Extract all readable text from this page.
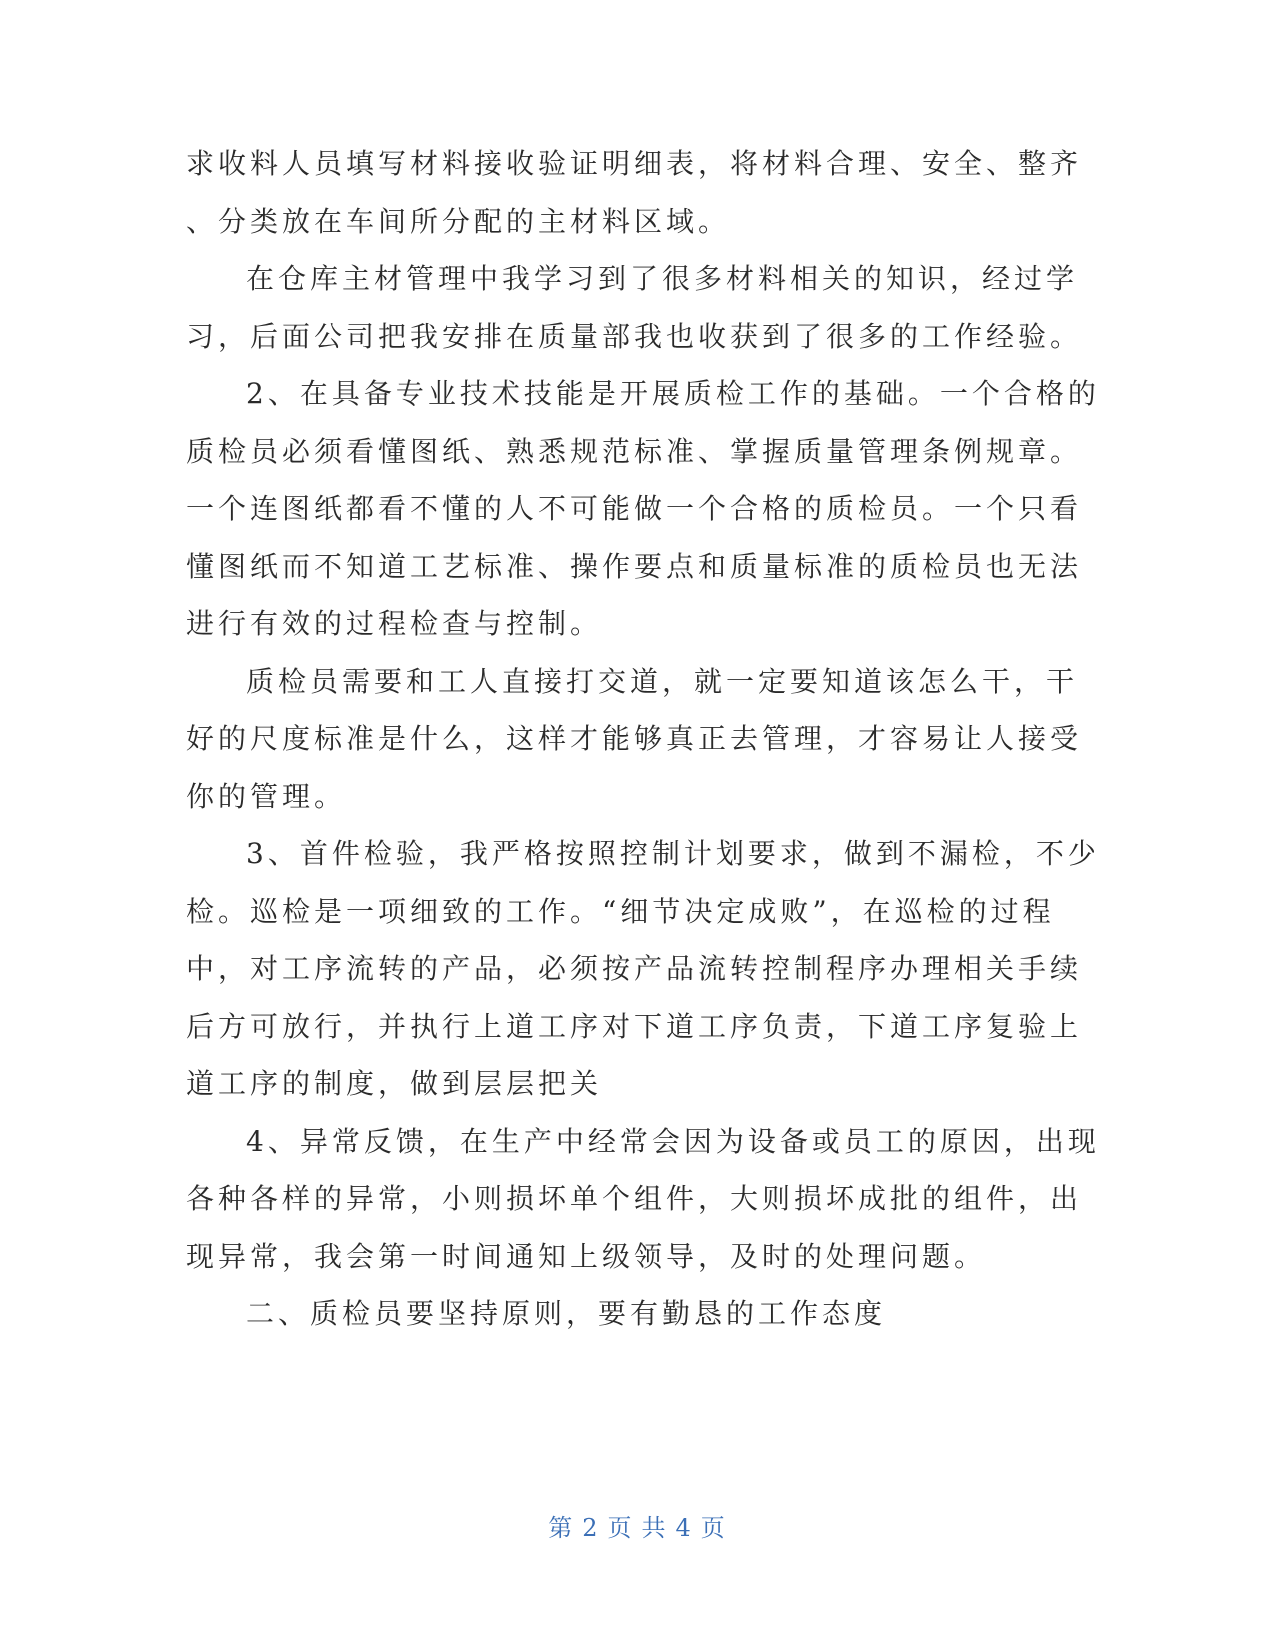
求收料人员填写材料接收验证明细表，将材料合理、安全、整齐
、分类放在车间所分配的主材料区域。
在仓库主材管理中我学习到了很多材料相关的知识，经过学
习，后面公司把我安排在质量部我也收获到了很多的工作经验。
2、在具备专业技术技能是开展质检工作的基础。一个合格的
质检员必须看懂图纸、熟悉规范标准、掌握质量管理条例规章。
一个连图纸都看不懂的人不可能做一个合格的质检员。一个只看
懂图纸而不知道工艺标准、操作要点和质量标准的质检员也无法
进行有效的过程检查与控制。
质检员需要和工人直接打交道，就一定要知道该怎么干，干
好的尺度标准是什么，这样才能够真正去管理，才容易让人接受
你的管理。
3、首件检验，我严格按照控制计划要求，做到不漏检，不少
检。巡检是一项细致的工作。“细节决定成败”，在巡检的过程
中，对工序流转的产品，必须按产品流转控制程序办理相关手续
后方可放行，并执行上道工序对下道工序负责，下道工序复验上
道工序的制度，做到层层把关
4、异常反馈，在生产中经常会因为设备或员工的原因，出现
各种各样的异常，小则损坏单个组件，大则损坏成批的组件，出
现异常，我会第一时间通知上级领导，及时的处理问题。
二、质检员要坚持原则，要有勤恳的工作态度
第 2 页 共 4 页
